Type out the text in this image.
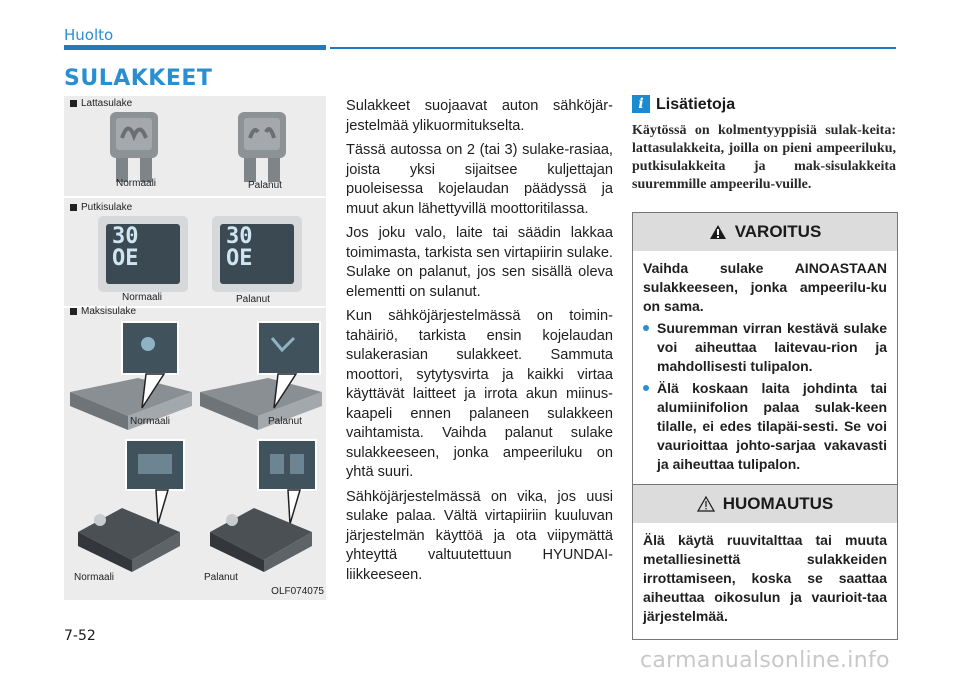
Huolto
SULAKKEET
Lattasulake
Normaali	Palanut
Putkisulake
30
OE
30
OE
Normaali	Palanut
Maksisulake
Normaali	Palanut
Normaali	Palanut
OLF074075

Sulakkeet suojaavat auton sähköjär-jestelmää ylikuormitukselta.

Tässä autossa on 2 (tai 3) sulake-rasiaa, joista yksi sijaitsee kuljettajan puoleisessa kojelaudan päädyssä ja muut akun lähettyvillä moottoritilassa.

Jos joku valo, laite tai säädin lakkaa toimimasta, tarkista sen virtapiirin sulake. Sulake on palanut, jos sen sisällä oleva elementti on sulanut.

Kun sähköjärjestelmässä on toimin-tahäiriö, tarkista ensin kojelaudan sulakerasian sulakkeet. Sammuta moottori, sytytysvirta ja kaikki virtaa käyttävät laitteet ja irrota akun miinus-kaapeli ennen palaneen sulakkeen vaihtamista. Vaihda palanut sulake sulakkeeseen, jonka ampeeriluku on yhtä suuri.

Sähköjärjestelmässä on vika, jos uusi sulake palaa. Vältä virtapiiriin kuuluvan järjestelmän käyttöä ja ota viipymättä yhteyttä valtuutettuun HYUNDAI-liikkeeseen.

i Lisätietoja
Käytössä on kolmentyyppisiä sulak-keita: lattasulakkeita, joilla on pieni ampeeriluku, putkisulakkeita ja mak-sisulakkeita suuremmille ampeerilu-vuille.
VAROITUS

Vaihda sulake AINOASTAAN sulakkeeseen, jonka ampeerilu-ku on sama.

Suuremman virran kestävä sulake voi aiheuttaa laitevau-rion ja mahdollisesti tulipalon.

Älä koskaan laita johdinta tai alumiinifolion palaa sulak-keen tilalle, ei edes tilapäi-sesti. Se voi vaurioittaa johto-sarjaa vakavasti ja aiheuttaa tulipalon.

HUOMAUTUS

Älä käytä ruuvitalttaa tai muuta metalliesinettä sulakkeiden irrottamiseen, koska se saattaa aiheuttaa oikosulun ja vaurioit-taa järjestelmää.

7-52
carmanualsonline.info
